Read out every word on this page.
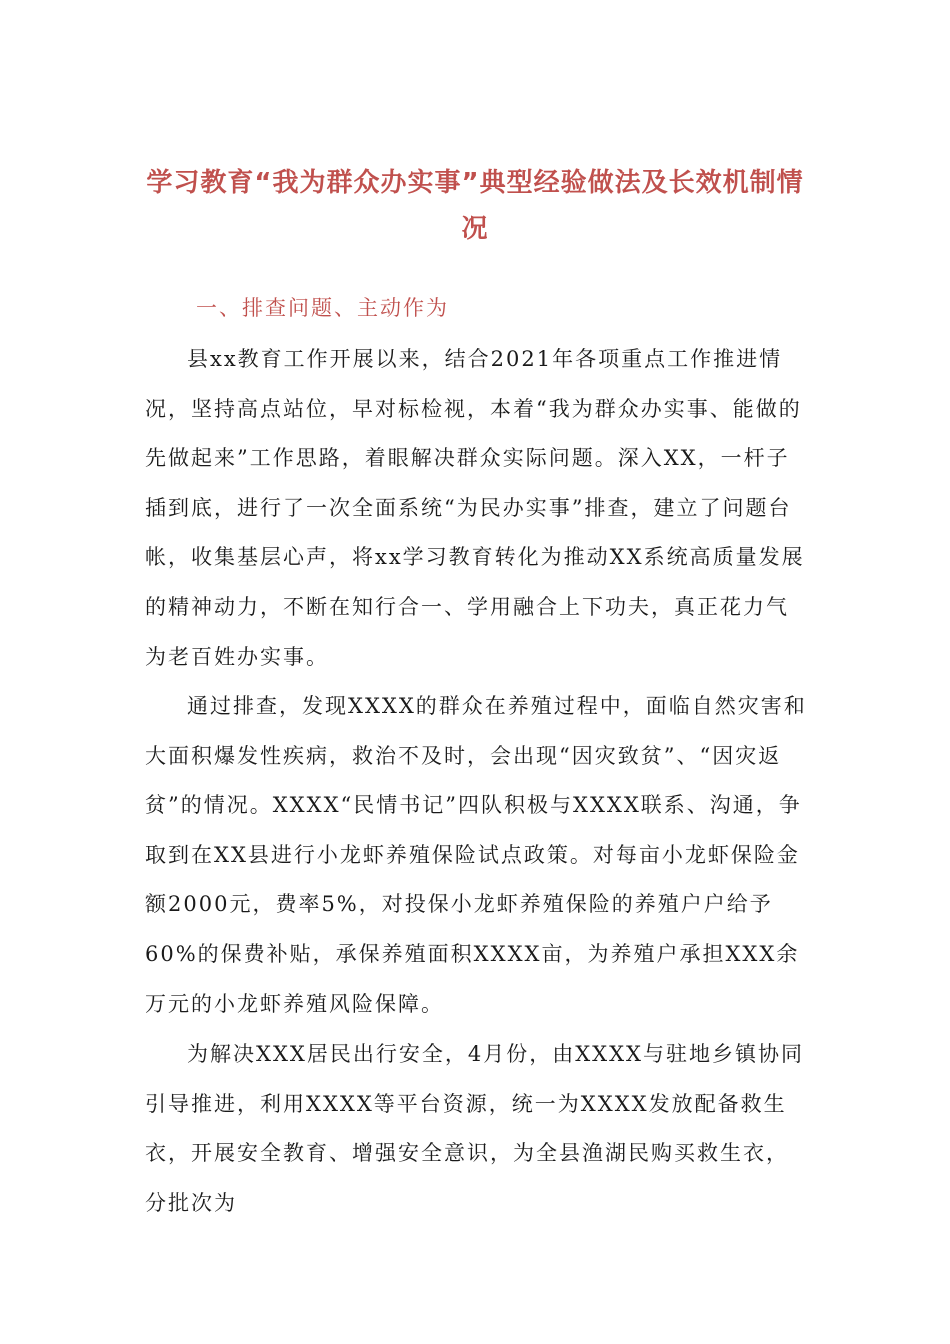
学习教育“我为群众办实事”典型经验做法及长效机制情况
一、排查问题、主动作为

县xx教育工作开展以来，结合2021年各项重点工作推进情况，坚持高点站位，早对标检视，本着“我为群众办实事、能做的先做起来”工作思路，着眼解决群众实际问题。深入XX，一杆子插到底，进行了一次全面系统“为民办实事”排查，建立了问题台帐，收集基层心声，将xx学习教育转化为推动XX系统高质量发展的精神动力，不断在知行合一、学用融合上下功夫，真正花力气为老百姓办实事。

通过排查，发现XXXX的群众在养殖过程中，面临自然灾害和大面积爆发性疾病，救治不及时，会出现“因灾致贫”、“因灾返贫”的情况。XXXX“民情书记”四队积极与XXXX联系、沟通，争取到在XX县进行小龙虾养殖保险试点政策。对每亩小龙虾保险金额2000元，费率5%，对投保小龙虾养殖保险的养殖户户给予60%的保费补贴，承保养殖面积XXXX亩，为养殖户承担XXX余万元的小龙虾养殖风险保障。

为解决XXX居民出行安全，4月份，由XXXX与驻地乡镇协同引导推进，利用XXXX等平台资源，统一为XXXX发放配备救生衣，开展安全教育、增强安全意识，为全县渔湖民购买救生衣，分批次为
